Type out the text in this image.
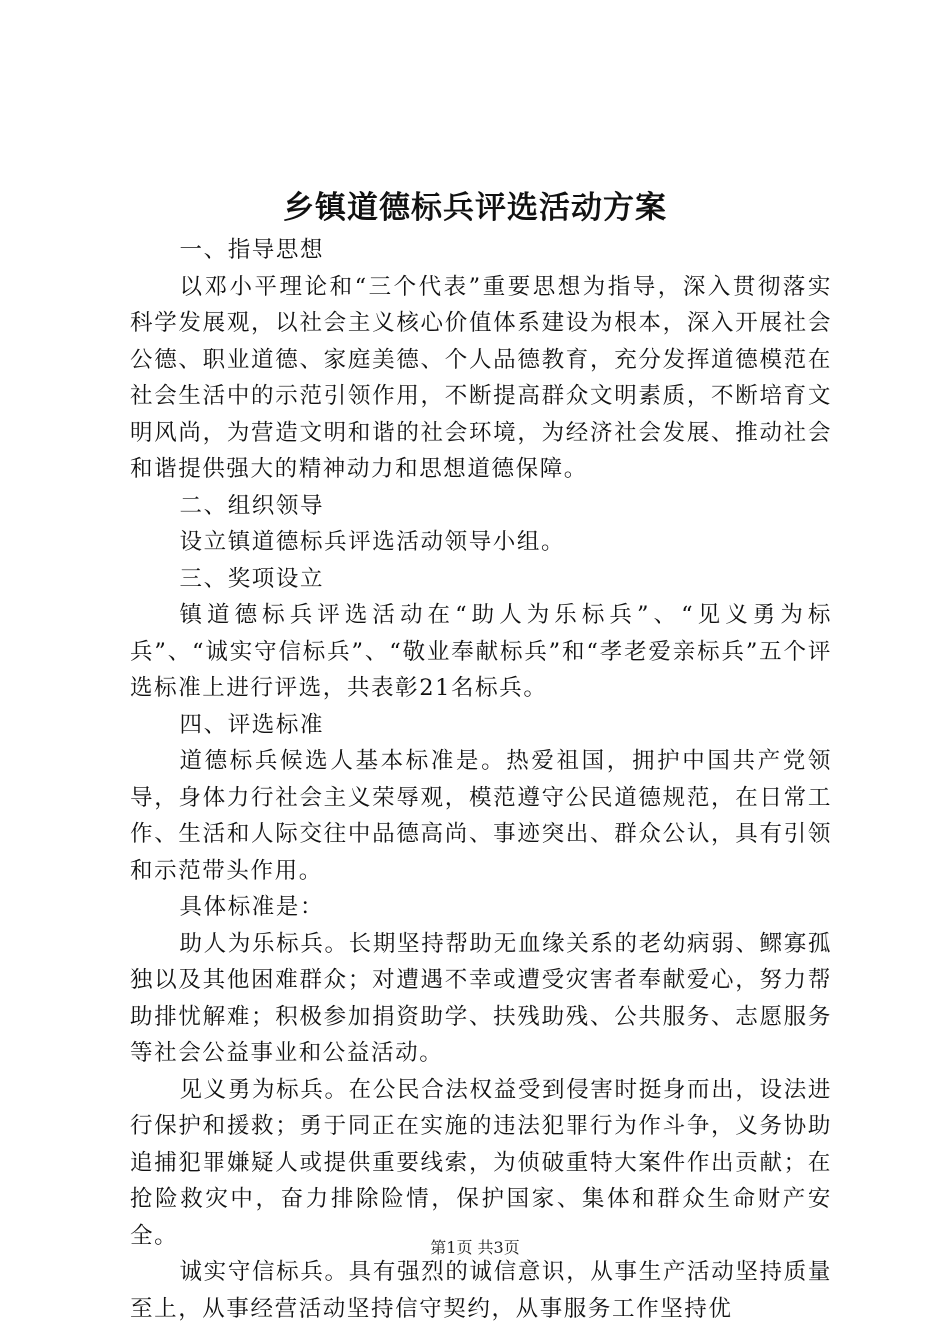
乡镇道德标兵评选活动方案

一、指导思想

以邓小平理论和“三个代表”重要思想为指导，深入贯彻落实科学发展观，以社会主义核心价值体系建设为根本，深入开展社会公德、职业道德、家庭美德、个人品德教育，充分发挥道德模范在社会生活中的示范引领作用，不断提高群众文明素质，不断培育文明风尚，为营造文明和谐的社会环境，为经济社会发展、推动社会和谐提供强大的精神动力和思想道德保障。

二、组织领导

设立镇道德标兵评选活动领导小组。

三、奖项设立

镇道德标兵评选活动在“助人为乐标兵”、“见义勇为标兵”、“诚实守信标兵”、“敬业奉献标兵”和“孝老爱亲标兵”五个评选标准上进行评选，共表彰21名标兵。

四、评选标准

道德标兵候选人基本标准是。热爱祖国，拥护中国共产党领导，身体力行社会主义荣辱观，模范遵守公民道德规范，在日常工作、生活和人际交往中品德高尚、事迹突出、群众公认，具有引领和示范带头作用。

具体标准是：

助人为乐标兵。长期坚持帮助无血缘关系的老幼病弱、鳏寡孤独以及其他困难群众；对遭遇不幸或遭受灾害者奉献爱心，努力帮助排忧解难；积极参加捐资助学、扶残助残、公共服务、志愿服务等社会公益事业和公益活动。

见义勇为标兵。在公民合法权益受到侵害时挺身而出，设法进行保护和援救；勇于同正在实施的违法犯罪行为作斗争，义务协助追捕犯罪嫌疑人或提供重要线索，为侦破重特大案件作出贡献；在抢险救灾中，奋力排除险情，保护国家、集体和群众生命财产安全。

诚实守信标兵。具有强烈的诚信意识，从事生产活动坚持质量至上，从事经营活动坚持信守契约，从事服务工作坚持优

第1页 共3页
